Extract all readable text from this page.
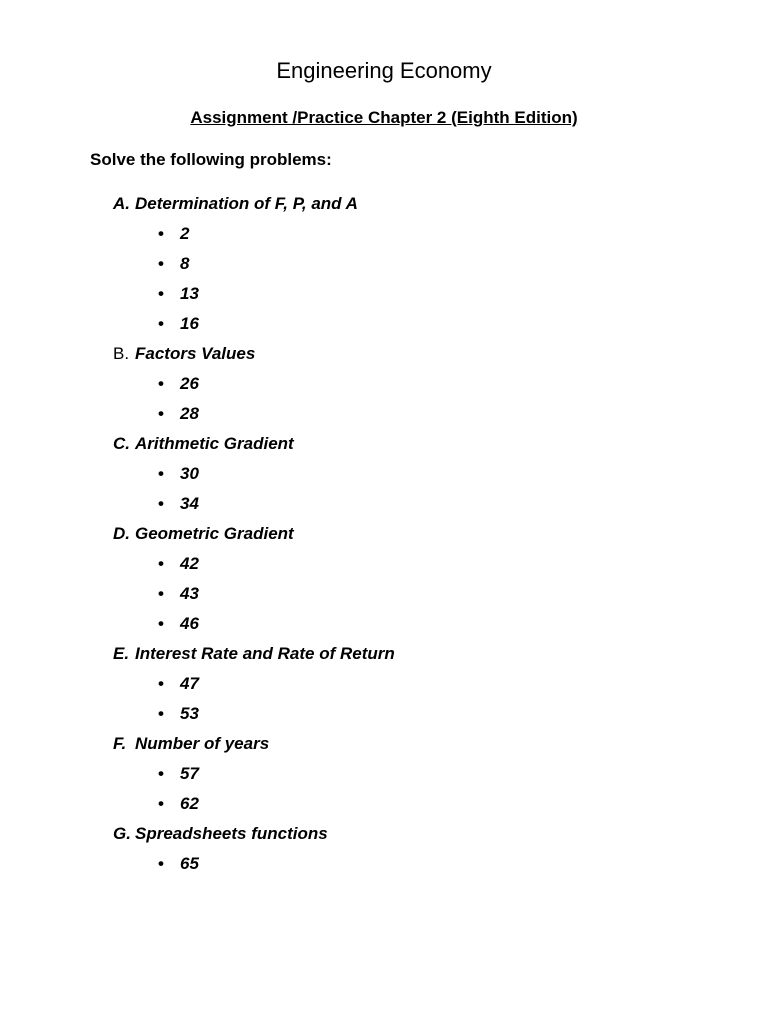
Engineering Economy
Assignment /Practice Chapter 2 (Eighth Edition)
Solve the following problems:
A. Determination of F, P, and A
• 2
• 8
• 13
• 16
B. Factors Values
• 26
• 28
C. Arithmetic Gradient
• 30
• 34
D. Geometric Gradient
• 42
• 43
• 46
E. Interest Rate and Rate of Return
• 47
• 53
F. Number of years
• 57
• 62
G. Spreadsheets functions
• 65
